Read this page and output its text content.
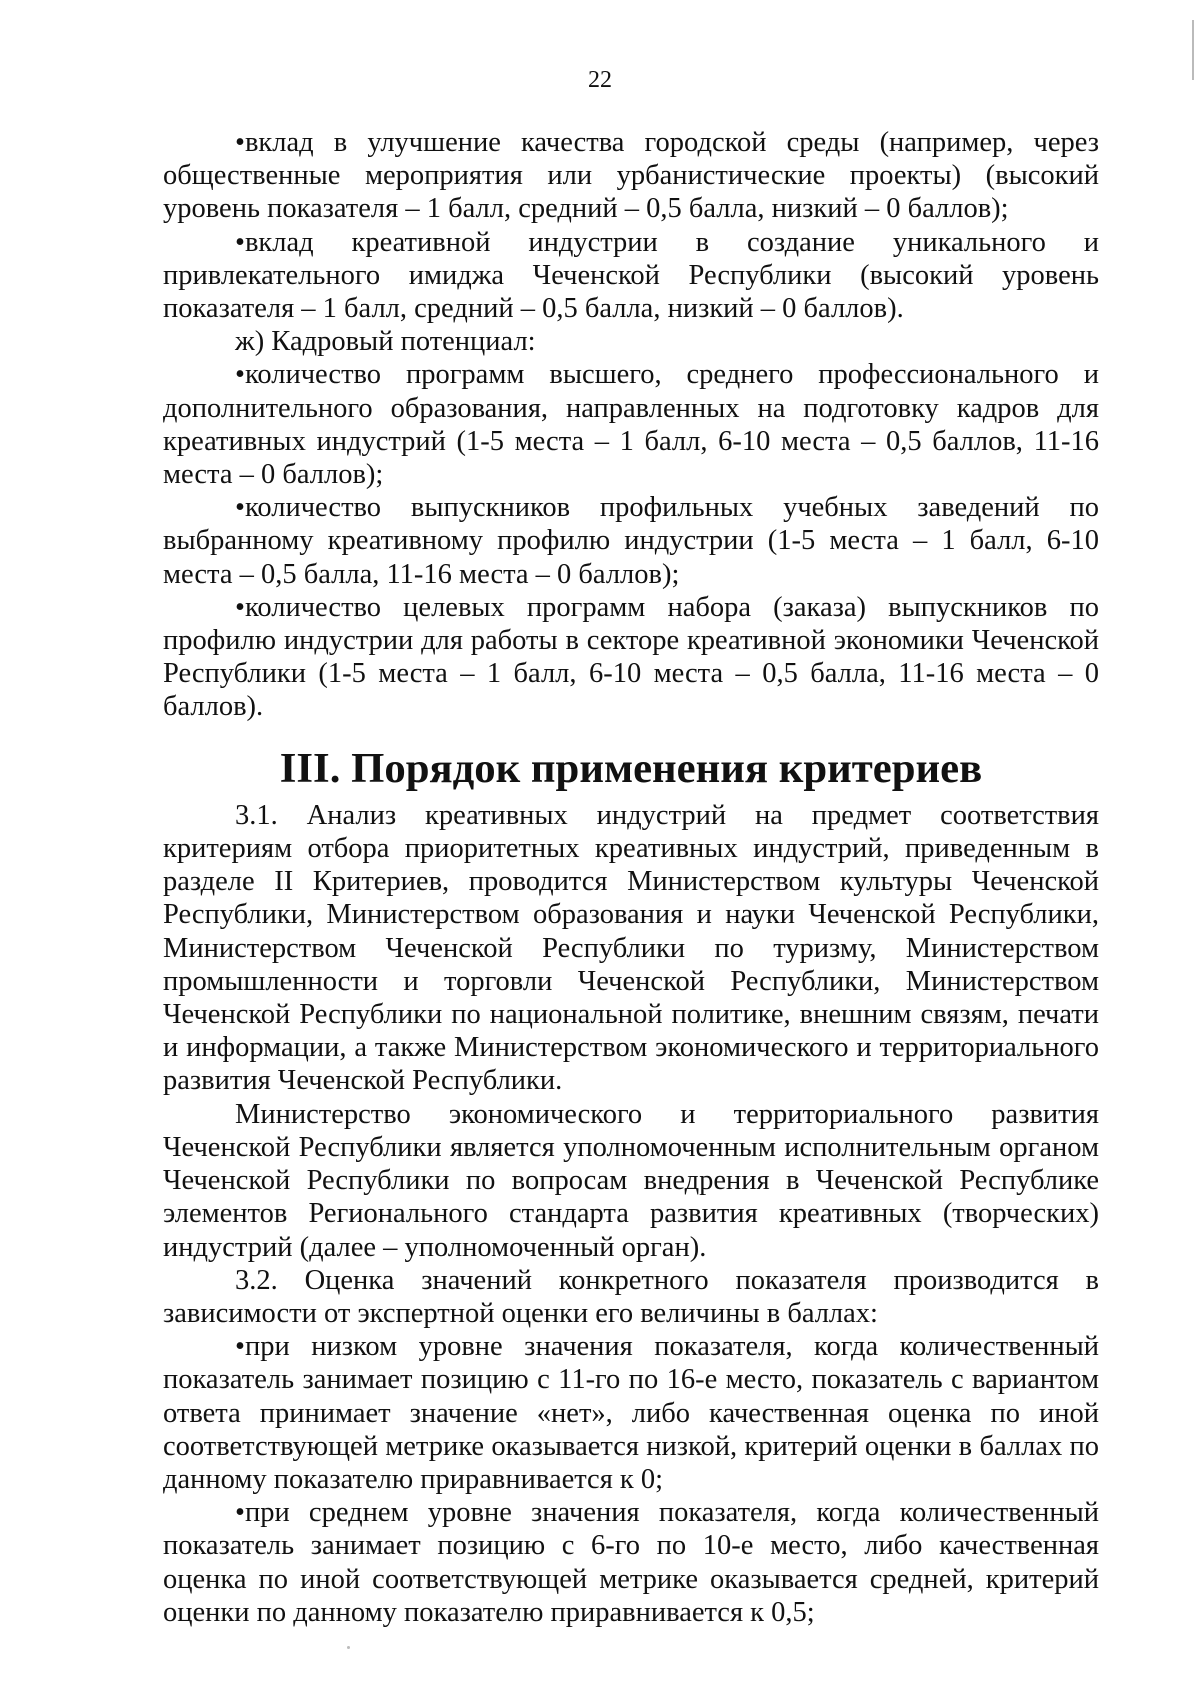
22

•вклад в улучшение качества городской среды (например, через общественные мероприятия или урбанистические проекты) (высокий уровень показателя – 1 балл, средний – 0,5 балла, низкий – 0 баллов);

•вклад креативной индустрии в создание уникального и привлекательного имиджа Чеченской Республики (высокий уровень показателя – 1 балл, средний – 0,5 балла, низкий – 0 баллов).

ж) Кадровый потенциал:

•количество программ высшего, среднего профессионального и дополнительного образования, направленных на подготовку кадров для креативных индустрий (1-5 места – 1 балл, 6-10 места – 0,5 баллов, 11-16 места – 0 баллов);

•количество выпускников профильных учебных заведений по выбранному креативному профилю индустрии (1-5 места – 1 балл, 6-10 места – 0,5 балла, 11-16 места – 0 баллов);

•количество целевых программ набора (заказа) выпускников по профилю индустрии для работы в секторе креативной экономики Чеченской Республики (1-5 места – 1 балл, 6-10 места – 0,5 балла, 11-16 места – 0 баллов).

III. Порядок применения критериев

3.1. Анализ креативных индустрий на предмет соответствия критериям отбора приоритетных креативных индустрий, приведенным в разделе II Критериев, проводится Министерством культуры Чеченской Республики, Министерством образования и науки Чеченской Республики, Министерством Чеченской Республики по туризму, Министерством промышленности и торговли Чеченской Республики, Министерством Чеченской Республики по национальной политике, внешним связям, печати и информации, а также Министерством экономического и территориального развития Чеченской Республики.

Министерство экономического и территориального развития Чеченской Республики является уполномоченным исполнительным органом Чеченской Республики по вопросам внедрения в Чеченской Республике элементов Регионального стандарта развития креативных (творческих) индустрий (далее – уполномоченный орган).

3.2. Оценка значений конкретного показателя производится в зависимости от экспертной оценки его величины в баллах:

•при низком уровне значения показателя, когда количественный показатель занимает позицию с 11-го по 16-е место, показатель с вариантом ответа принимает значение «нет», либо качественная оценка по иной соответствующей метрике оказывается низкой, критерий оценки в баллах по данному показателю приравнивается к 0;

•при среднем уровне значения показателя, когда количественный показатель занимает позицию с 6-го по 10-е место, либо качественная оценка по иной соответствующей метрике оказывается средней, критерий оценки по данному показателю приравнивается к 0,5;
